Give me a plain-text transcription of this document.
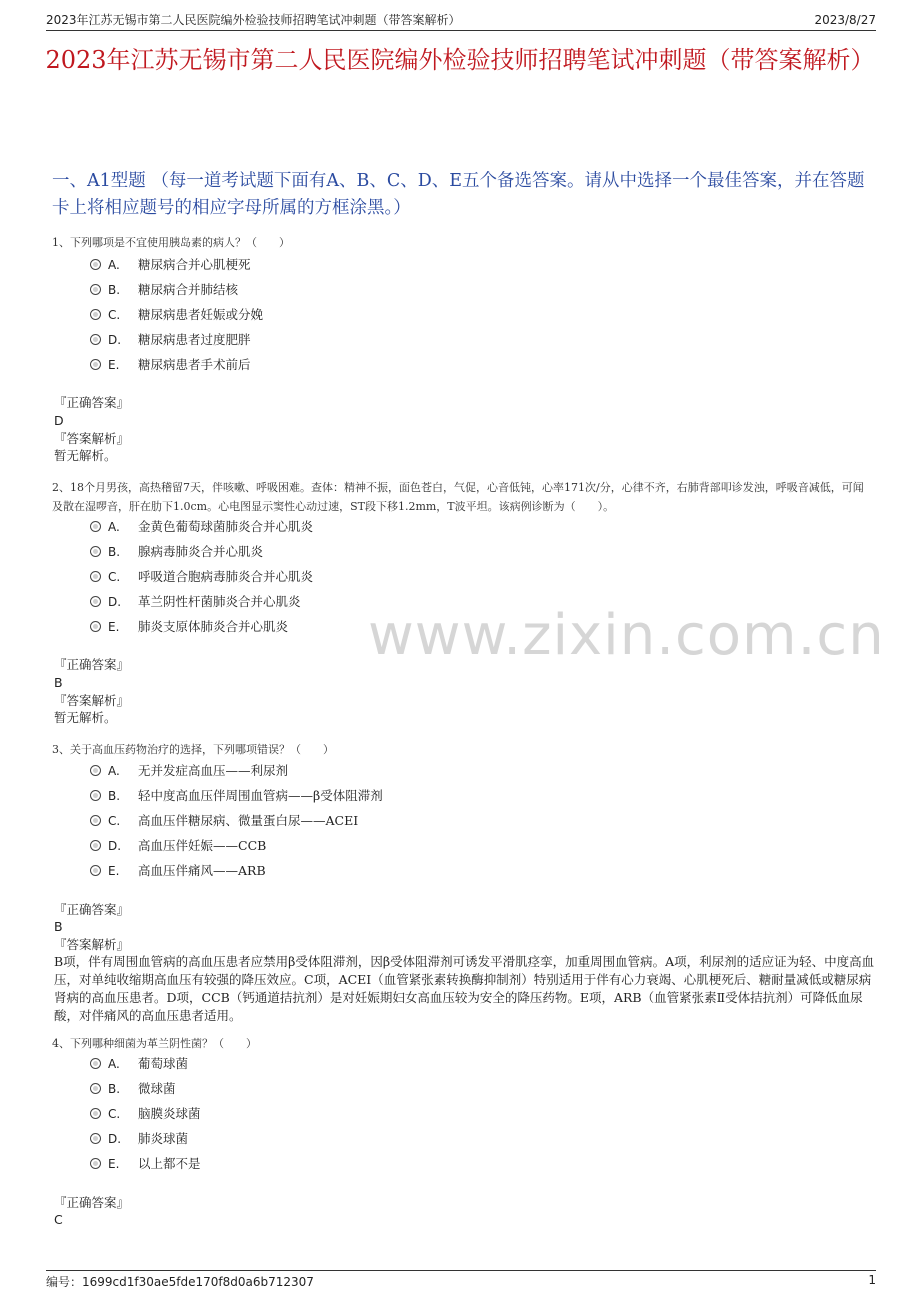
2023年江苏无锡市第二人民医院编外检验技师招聘笔试冲刺题（带答案解析）	2023/8/27
2023年江苏无锡市第二人民医院编外检验技师招聘笔试冲刺题（带答案解析）
一、A1型题 （每一道考试题下面有A、B、C、D、E五个备选答案。请从中选择一个最佳答案，并在答题卡上将相应题号的相应字母所属的方框涂黑。）
www.zixin.com.cn
1、下列哪项是不宜使用胰岛素的病人？（　　）
A. 糖尿病合并心肌梗死
B. 糖尿病合并肺结核
C. 糖尿病患者妊娠或分娩
D. 糖尿病患者过度肥胖
E. 糖尿病患者手术前后
『正确答案』
D
『答案解析』
暂无解析。
2、18个月男孩，高热稽留7天，伴咳嗽、呼吸困难。查体：精神不振，面色苍白，气促，心音低钝，心率171次/分，心律不齐，右肺背部叩诊发浊，呼吸音减低，可闻及散在湿啰音，肝在肋下1.0cm。心电图显示窦性心动过速，ST段下移1.2mm，T波平坦。该病例诊断为（　　）。
A. 金黄色葡萄球菌肺炎合并心肌炎
B. 腺病毒肺炎合并心肌炎
C. 呼吸道合胞病毒肺炎合并心肌炎
D. 革兰阴性杆菌肺炎合并心肌炎
E. 肺炎支原体肺炎合并心肌炎
『正确答案』
B
『答案解析』
暂无解析。
3、关于高血压药物治疗的选择，下列哪项错误？（　　）
A. 无并发症高血压——利尿剂
B. 轻中度高血压伴周围血管病——β受体阻滞剂
C. 高血压伴糖尿病、微量蛋白尿——ACEI
D. 高血压伴妊娠——CCB
E. 高血压伴痛风——ARB
『正确答案』
B
『答案解析』
B项，伴有周围血管病的高血压患者应禁用β受体阻滞剂，因β受体阻滞剂可诱发平滑肌痉挛，加重周围血管病。A项，利尿剂的适应证为轻、中度高血压，对单纯收缩期高血压有较强的降压效应。C项，ACEI（血管紧张素转换酶抑制剂）特别适用于伴有心力衰竭、心肌梗死后、糖耐量减低或糖尿病肾病的高血压患者。D项，CCB（钙通道拮抗剂）是对妊娠期妇女高血压较为安全的降压药物。E项，ARB（血管紧张素Ⅱ受体拮抗剂）可降低血尿酸，对伴痛风的高血压患者适用。
4、下列哪种细菌为革兰阴性菌？（　　）
A. 葡萄球菌
B. 微球菌
C. 脑膜炎球菌
D. 肺炎球菌
E. 以上都不是
『正确答案』
C
编号：1699cd1f30ae5fde170f8d0a6b712307	1
